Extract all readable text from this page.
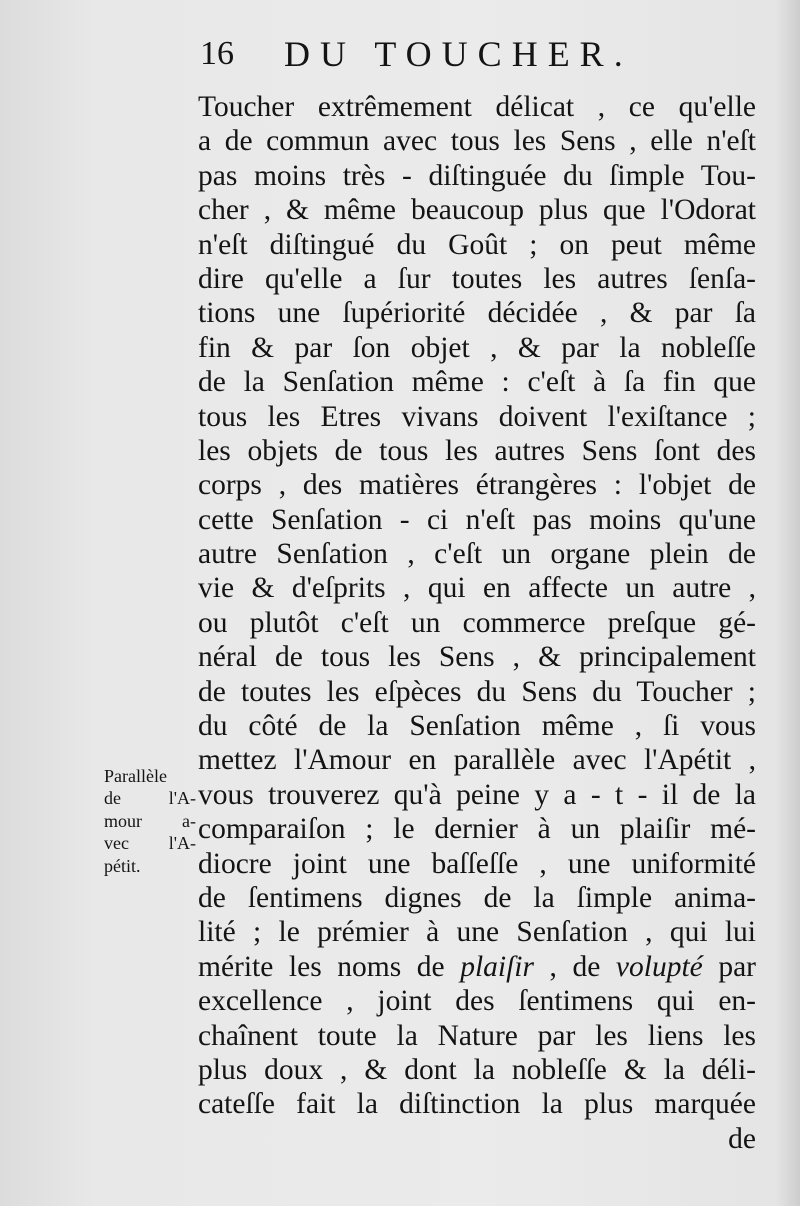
16 DU TOUCHER.
Toucher extrêmement délicat , ce qu'elle
a de commun avec tous les Sens , elle n'eſt
pas moins très - diſtinguée du ſimple Tou-
cher , & même beaucoup plus que l'Odorat
n'eſt diſtingué du Goût ; on peut même
dire qu'elle a ſur toutes les autres ſenſa-
tions une ſupériorité décidée , & par ſa
fin & par ſon objet , & par la nobleſſe
de la Senſation même : c'eſt à ſa fin que
tous les Etres vivans doivent l'exiſtance ;
les objets de tous les autres Sens ſont des
corps , des matières étrangères : l'objet de
cette Senſation - ci n'eſt pas moins qu'une
autre Senſation , c'eſt un organe plein de
vie & d'eſprits , qui en affecte un autre ,
ou plutôt c'eſt un commerce preſque gé-
néral de tous les Sens , & principalement
de toutes les eſpèces du Sens du Toucher ;
du côté de la Senſation même , ſi vous
mettez l'Amour en parallèle avec l'Apétit ,
vous trouverez qu'à peine y a - t - il de la
comparaiſon ; le dernier à un plaiſir mé-
diocre joint une baſſeſſe , une uniformité
de ſentimens dignes de la ſimple anima-
lité ; le prémier à une Senſation , qui lui
mérite les noms de plaiſir , de volupté par
excellence , joint des ſentimens qui en-
chaînent toute la Nature par les liens les
plus doux , & dont la nobleſſe & la déli-
cateſſe fait la diſtinction la plus marquée
de
Parallèle
de l'A-
mour a-
vec l'A-
pétit.
